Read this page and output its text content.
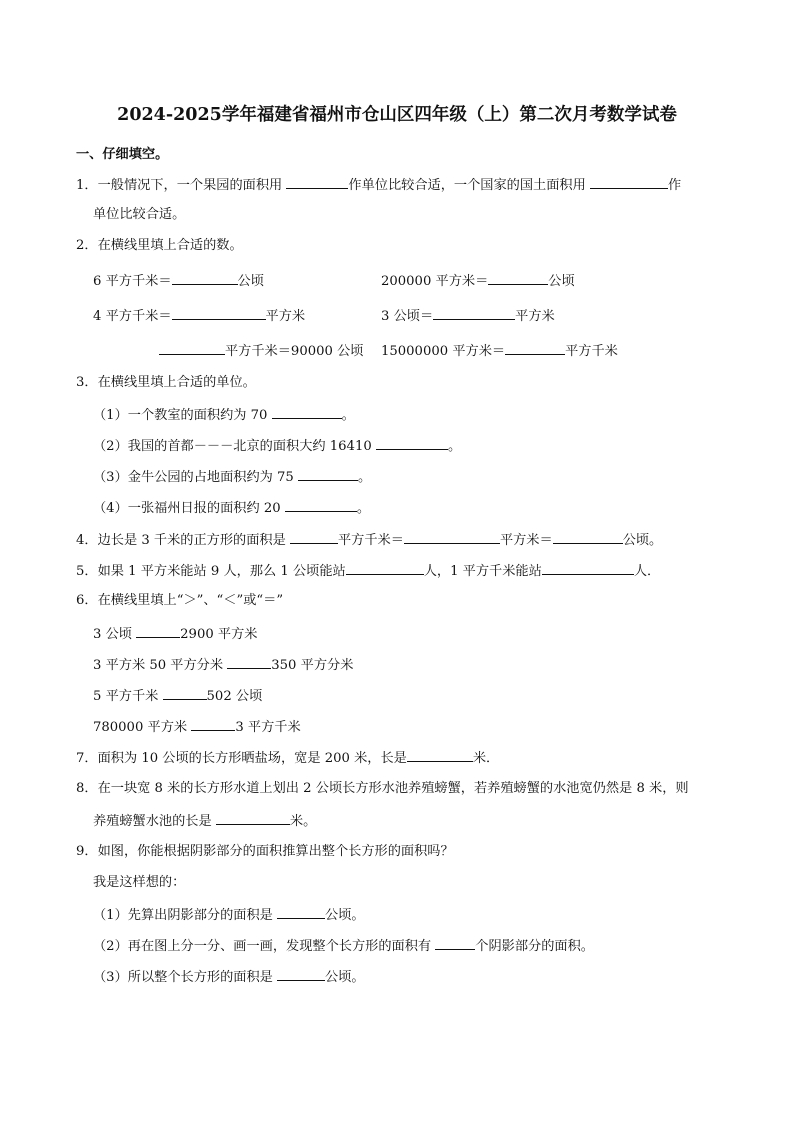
2024-2025学年福建省福州市仓山区四年级（上）第二次月考数学试卷
一、仔细填空。
1．一般情况下，一个果园的面积用	作单位比较合适，一个国家的国土面积用	作
单位比较合适。
2．在横线里填上合适的数。
6 平方千米＝	公顷	200000 平方米＝	公顷
4 平方千米＝	平方米	3 公顷＝	平方米
平方千米＝90000 公顷 15000000 平方米＝	平方千米
3．在横线里填上合适的单位。
（1）一个教室的面积约为 70	。
（2）我国的首都－－－北京的面积大约 16410	。
（3）金牛公园的占地面积约为 75	。
（4）一张福州日报的面积约 20	。
4．边长是 3 千米的正方形的面积是	平方千米＝	平方米＝	公顷。
5．如果 1 平方米能站 9 人，那么 1 公顷能站	人，1 平方千米能站	人．
6．在横线里填上“＞”、“＜”或“＝”
3 公顷	2900 平方米
3 平方米 50 平方分米	350 平方分米
5 平方千米	502 公顷
780000 平方米	3 平方千米
7．面积为 10 公顷的长方形晒盐场，宽是 200 米，长是	米．
8．在一块宽 8 米的长方形水道上划出 2 公顷长方形水池养殖螃蟹，若养殖螃蟹的水池宽仍然是 8 米，则
养殖螃蟹水池的长是	米。
9．如图，你能根据阴影部分的面积推算出整个长方形的面积吗？
我是这样想的：
（1）先算出阴影部分的面积是	公顷。
（2）再在图上分一分、画一画，发现整个长方形的面积有	个阴影部分的面积。
（3）所以整个长方形的面积是	公顷。
